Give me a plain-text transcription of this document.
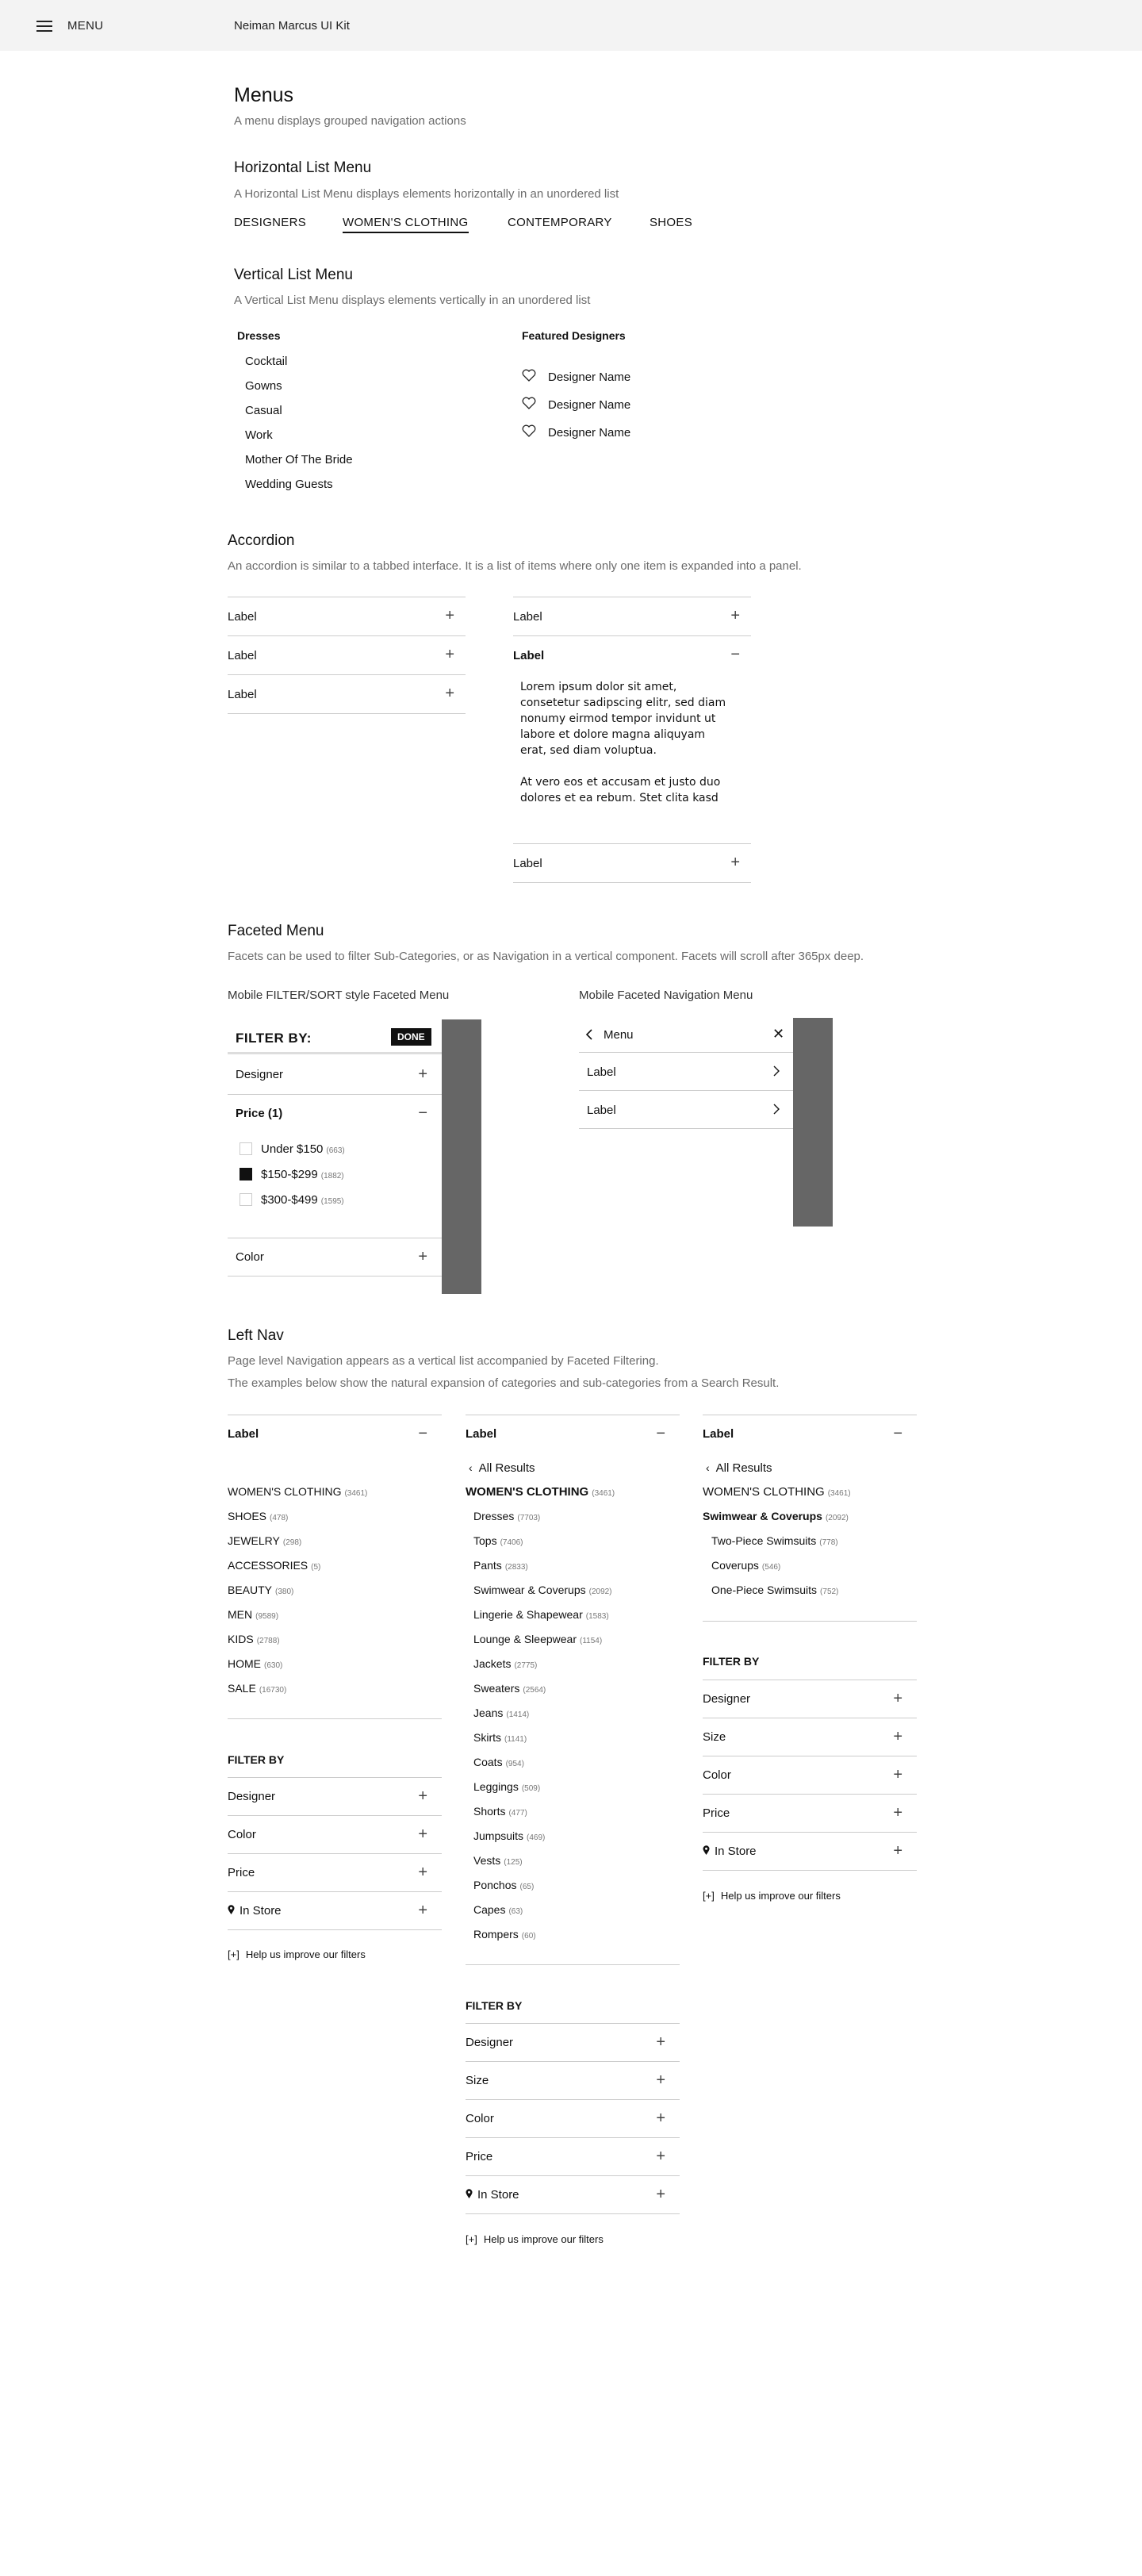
MENU	Neiman Marcus UI Kit
Menus
A menu displays grouped navigation actions
Horizontal List Menu
A Horizontal List Menu displays elements horizontally in an unordered list
DESIGNERS	WOMEN'S CLOTHING	CONTEMPORARY	SHOES
Vertical List Menu
A Vertical List Menu displays elements vertically in an unordered list
Dresses
Cocktail
Gowns
Casual
Work
Mother Of The Bride
Wedding Guests
Featured Designers
Designer Name
Designer Name
Designer Name
Accordion
An accordion is similar to a tabbed interface. It is a list of items where only one item is expanded into a panel.
Label	+
Label	+
Label	+
Label	+
Label	−
Lorem ipsum dolor sit amet, consetetur sadipscing elitr, sed diam nonumy eirmod tempor invidunt ut labore et dolore magna aliquyam erat, sed diam voluptua.
At vero eos et accusam et justo duo dolores et ea rebum. Stet clita kasd
Label	+
Faceted Menu
Facets can be used to filter Sub-Categories, or as Navigation in a vertical component. Facets will scroll after 365px deep.
Mobile FILTER/SORT style Faceted Menu
FILTER BY:	DONE
Designer	+
Price (1)	−
Under $150 (663)
$150-$299 (1882)
$300-$499 (1595)
Color	+
Mobile Faceted Navigation Menu
Menu	✕
Label
Label
Left Nav
Page level Navigation appears as a vertical list accompanied by Faceted Filtering.
The examples below show the natural expansion of categories and sub-categories from a Search Result.
Label	−
WOMEN'S CLOTHING (3461)
SHOES (478)
JEWELRY (298)
ACCESSORIES (5)
BEAUTY (380)
MEN (9589)
KIDS (2788)
HOME (630)
SALE (16730)
FILTER BY
Designer	+
Color	+
Price	+
In Store	+
[+] Help us improve our filters
Label	−
‹ All Results
WOMEN'S CLOTHING (3461)
Dresses (7703)
Tops (7406)
Pants (2833)
Swimwear & Coverups (2092)
Lingerie & Shapewear (1583)
Lounge & Sleepwear (1154)
Jackets (2775)
Sweaters (2564)
Jeans (1414)
Skirts (1141)
Coats (954)
Leggings (509)
Shorts (477)
Jumpsuits (469)
Vests (125)
Ponchos (65)
Capes (63)
Rompers (60)
FILTER BY
Designer	+
Size	+
Color	+
Price	+
In Store	+
[+] Help us improve our filters
Label	−
‹ All Results
WOMEN'S CLOTHING (3461)
Swimwear & Coverups (2092)
Two-Piece Swimsuits (778)
Coverups (546)
One-Piece Swimsuits (752)
FILTER BY
Designer	+
Size	+
Color	+
Price	+
In Store	+
[+] Help us improve our filters
